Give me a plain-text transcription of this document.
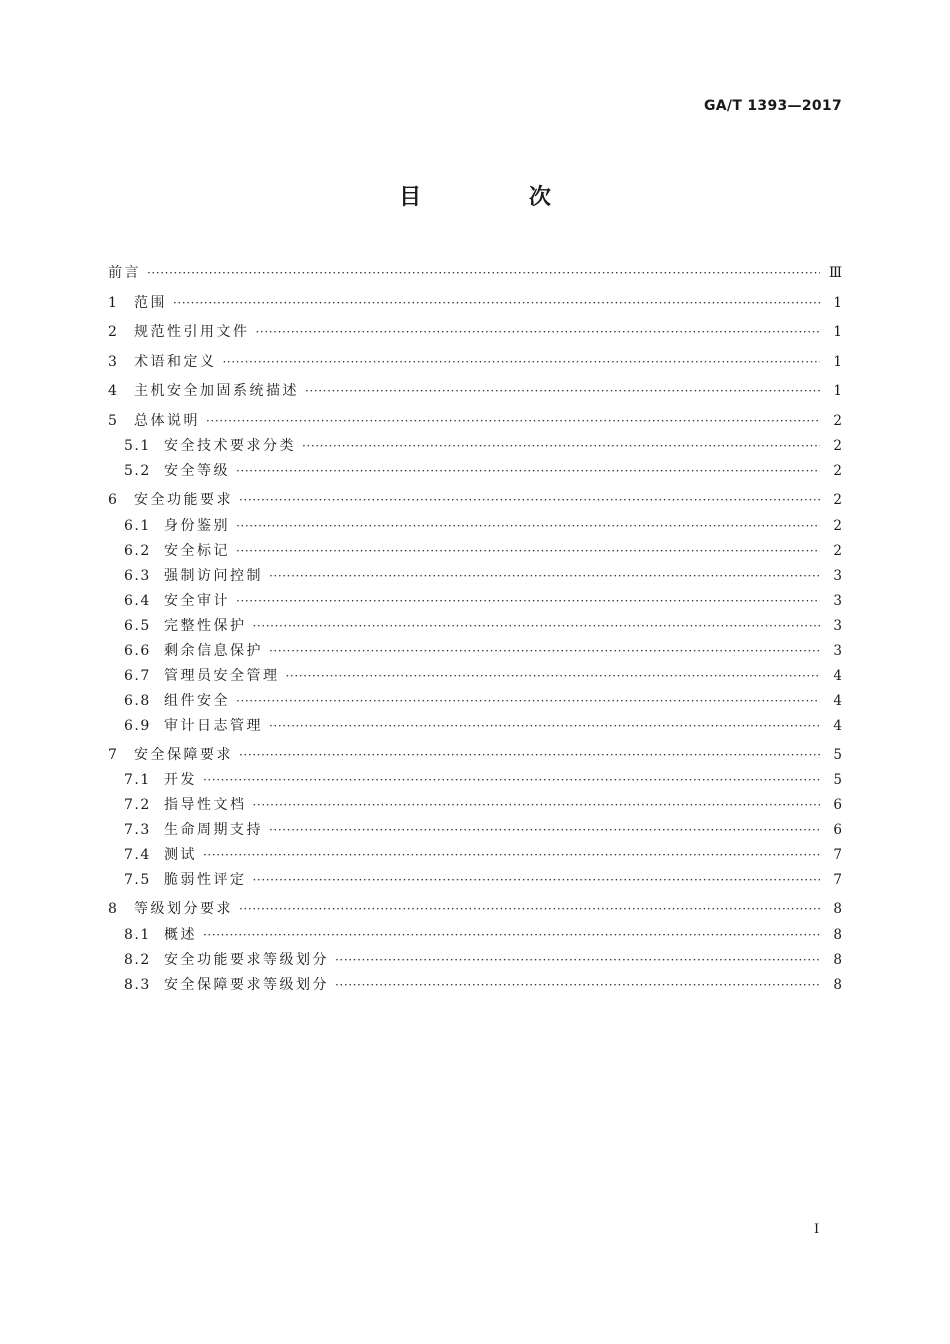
GA/T 1393—2017
目 次
前言 ·····	Ⅲ
1	范围 ·····	1
2	规范性引用文件 ·····	1
3	术语和定义 ·····	1
4	主机安全加固系统描述 ·····	1
5	总体说明 ·····	2
5.1 安全技术要求分类 ·····	2
5.2 安全等级 ·····	2
6	安全功能要求 ·····	2
6.1 身份鉴别 ·····	2
6.2 安全标记 ·····	2
6.3 强制访问控制 ·····	3
6.4 安全审计 ·····	3
6.5 完整性保护 ·····	3
6.6 剩余信息保护 ·····	3
6.7 管理员安全管理 ·····	4
6.8 组件安全 ·····	4
6.9 审计日志管理 ·····	4
7	安全保障要求 ·····	5
7.1 开发 ·····	5
7.2 指导性文档 ·····	6
7.3 生命周期支持 ·····	6
7.4 测试 ·····	7
7.5 脆弱性评定 ·····	7
8	等级划分要求 ·····	8
8.1 概述 ·····	8
8.2 安全功能要求等级划分 ·····	8
8.3 安全保障要求等级划分 ·····	8
I
